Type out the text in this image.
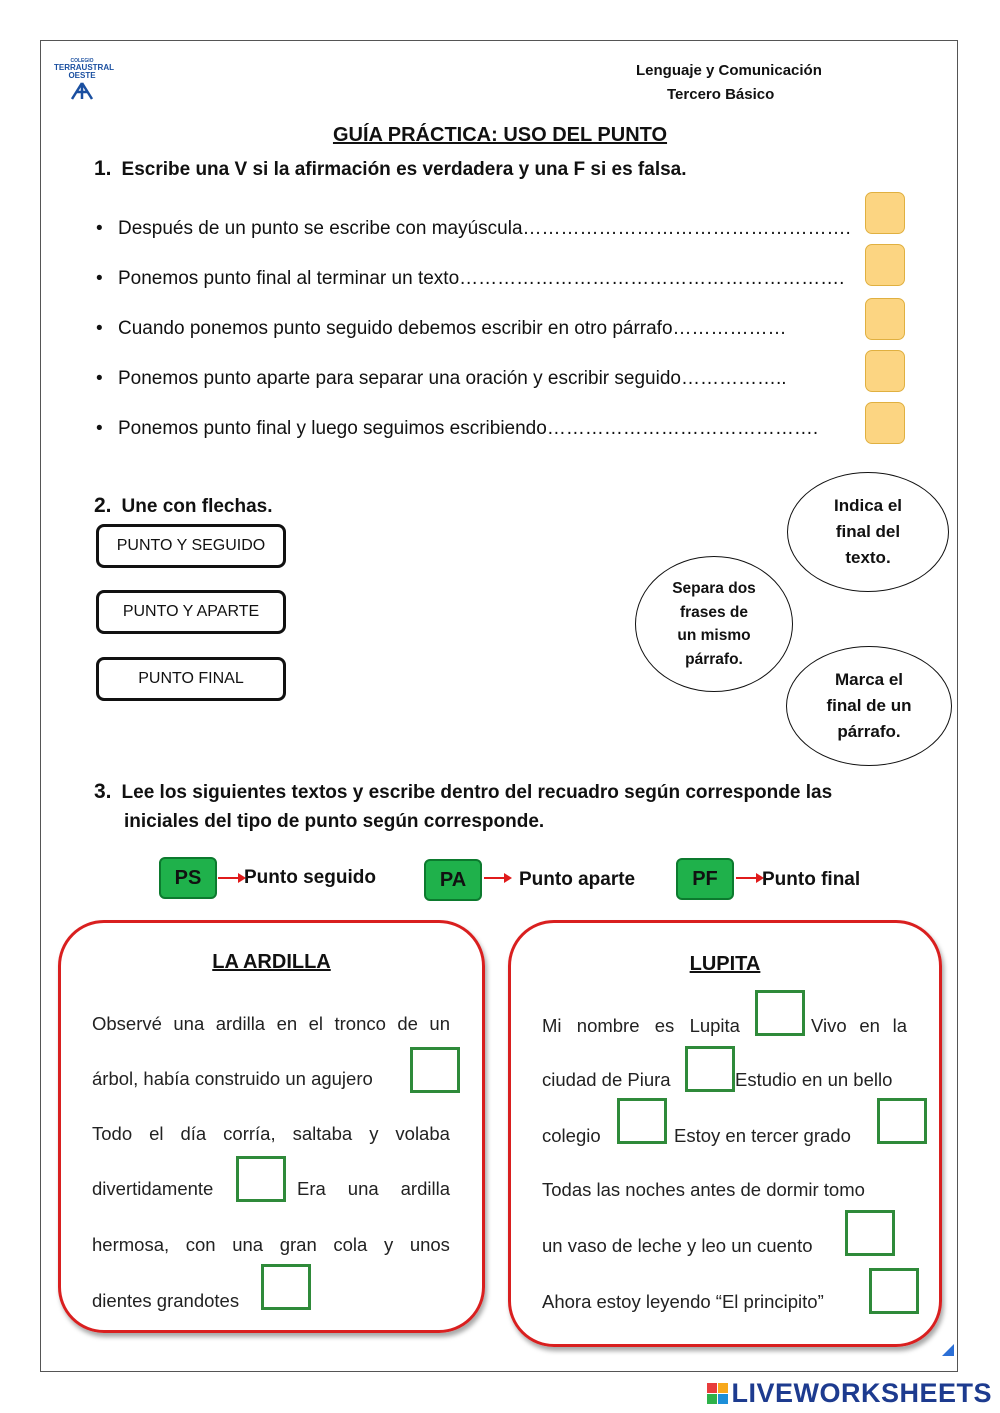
COLEGIO
TERRAUSTRAL
OESTE	Lenguaje y Comunicación
Tercero Básico
GUÍA PRÁCTICA: USO DEL PUNTO
1. Escribe una V si la afirmación es verdadera y una F si es falsa.
• Después de un punto se escribe con mayúscula…………………………………………….
• Ponemos punto final al terminar un texto…………………………………………………….
• Cuando ponemos punto seguido debemos escribir en otro párrafo………………
• Ponemos punto aparte para separar una oración y escribir seguido……………..
• Ponemos punto final y luego seguimos escribiendo…………………………………….
2. Une con flechas.
PUNTO Y SEGUIDO
PUNTO Y APARTE
PUNTO FINAL
Indica el
final del
texto.
Separa dos
frases de
un mismo
párrafo.
Marca el
final de un
párrafo.
3. Lee los siguientes textos y escribe dentro del recuadro según corresponde las
iniciales del tipo de punto según corresponde.
PS	Punto seguido	PA	Punto aparte	PF	Punto final
LA ARDILLA
Observé una ardilla en el tronco de un
árbol, había construido un agujero
Todo el día corría, saltaba y volaba
divertidamente	Era una ardilla
hermosa, con una gran cola y unos
dientes grandotes
LUPITA
Mi nombre es Lupita	Vivo en la
ciudad de Piura	Estudio en un bello
colegio	Estoy en tercer grado
Todas las noches antes de dormir tomo
un vaso de leche y leo un cuento
Ahora estoy leyendo “El principito”
LIVEWORKSHEETS
